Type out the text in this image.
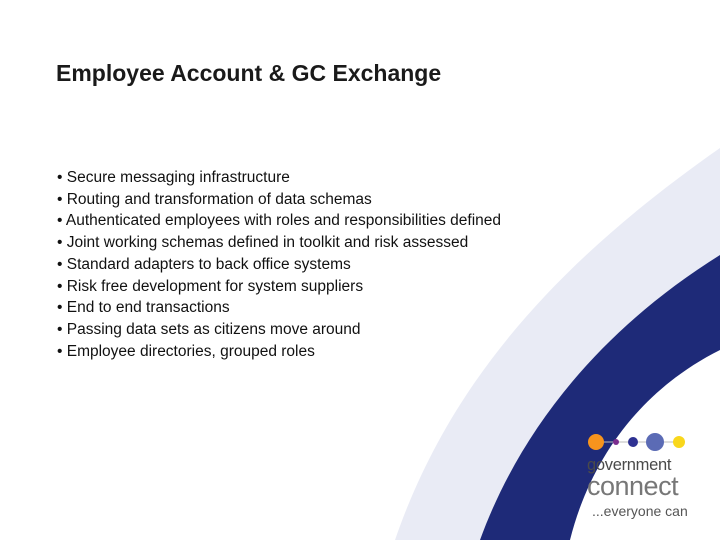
Employee Account & GC Exchange
• Secure messaging infrastructure
• Routing and transformation of data schemas
• Authenticated employees with roles and responsibilities defined
• Joint working schemas defined in toolkit and risk assessed
• Standard adapters to back office systems
• Risk free development for system suppliers
• End to end transactions
• Passing data sets as citizens move around
• Employee directories, grouped roles

government

connect

...everyone can
